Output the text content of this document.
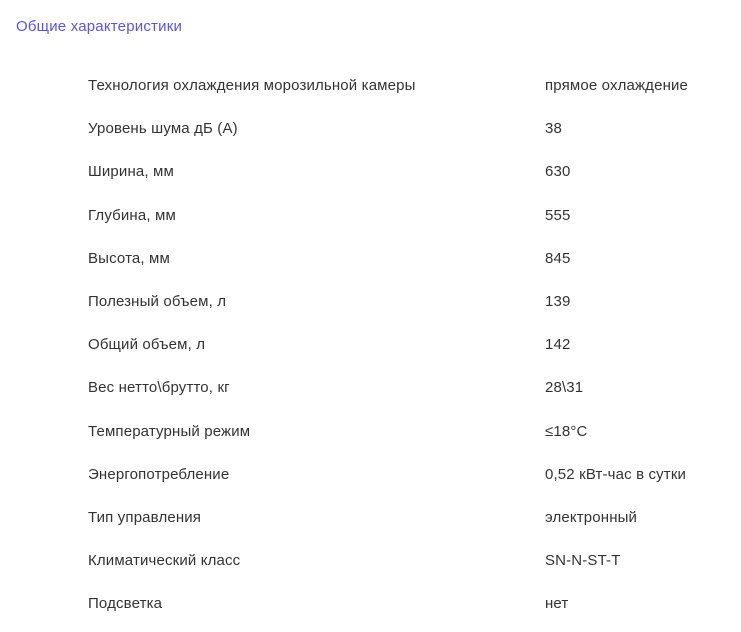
Общие характеристики
Технология охлаждения морозильной камеры	прямое охлаждение
Уровень шума дБ (А)	38
Ширина, мм	630
Глубина, мм	555
Высота, мм	845
Полезный объем, л	139
Общий объем, л	142
Вес нетто\брутто, кг	28\31
Температурный режим	≤18°C
Энергопотребление	0,52 кВт-час в сутки
Тип управления	электронный
Климатический класс	SN-N-ST-T
Подсветка	нет
